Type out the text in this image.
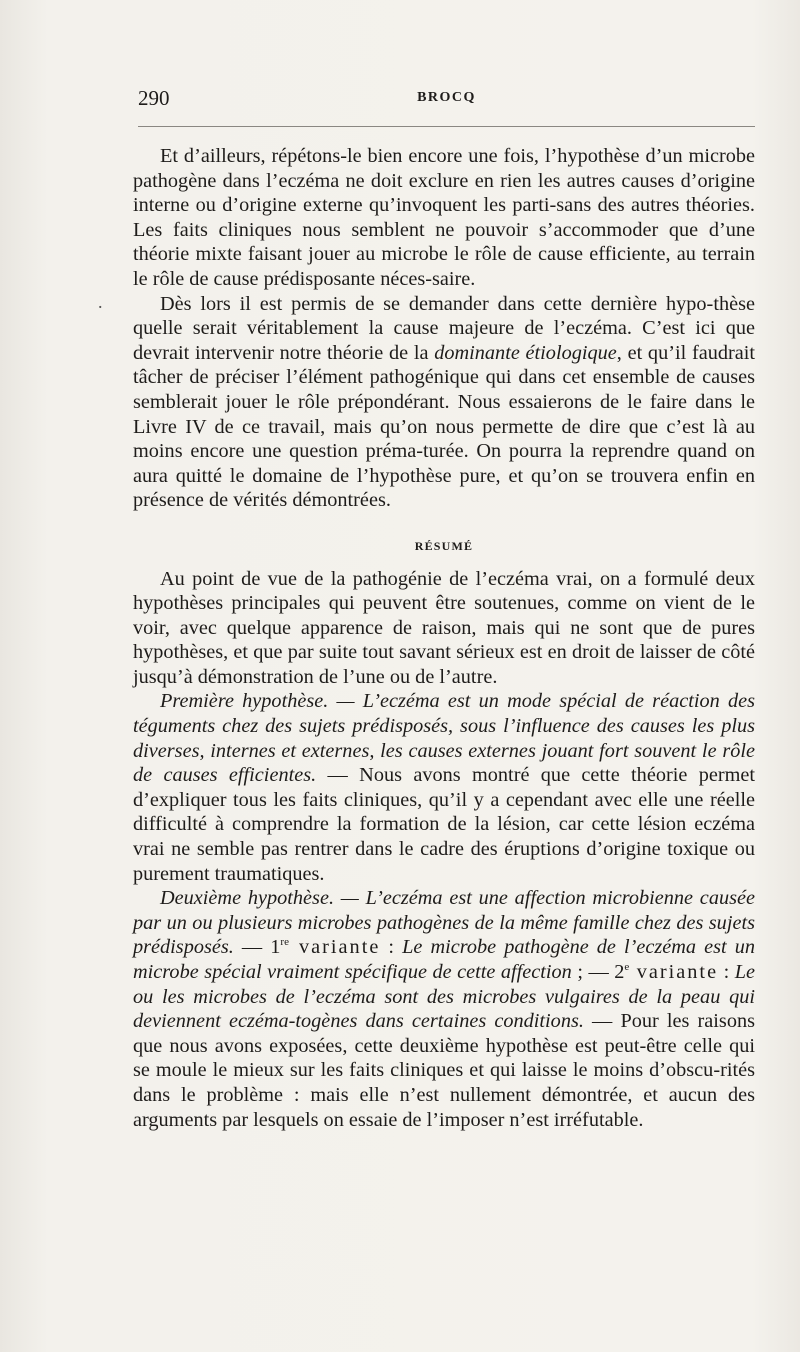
290	BROCQ
.

Et d’ailleurs, répétons-le bien encore une fois, l’hypothèse d’un microbe pathogène dans l’eczéma ne doit exclure en rien les autres causes d’origine interne ou d’origine externe qu’invoquent les parti-sans des autres théories. Les faits cliniques nous semblent ne pouvoir s’accommoder que d’une théorie mixte faisant jouer au microbe le rôle de cause efficiente, au terrain le rôle de cause prédisposante néces-saire.

Dès lors il est permis de se demander dans cette dernière hypo-thèse quelle serait véritablement la cause majeure de l’eczéma. C’est ici que devrait intervenir notre théorie de la dominante étiologique, et qu’il faudrait tâcher de préciser l’élément pathogénique qui dans cet ensemble de causes semblerait jouer le rôle prépondérant. Nous essaierons de le faire dans le Livre IV de ce travail, mais qu’on nous permette de dire que c’est là au moins encore une question préma-turée. On pourra la reprendre quand on aura quitté le domaine de l’hypothèse pure, et qu’on se trouvera enfin en présence de vérités démontrées.

RÉSUMÉ

Au point de vue de la pathogénie de l’eczéma vrai, on a formulé deux hypothèses principales qui peuvent être soutenues, comme on vient de le voir, avec quelque apparence de raison, mais qui ne sont que de pures hypothèses, et que par suite tout savant sérieux est en droit de laisser de côté jusqu’à démonstration de l’une ou de l’autre.

Première hypothèse. — L’eczéma est un mode spécial de réaction des téguments chez des sujets prédisposés, sous l’influence des causes les plus diverses, internes et externes, les causes externes jouant fort souvent le rôle de causes efficientes. — Nous avons montré que cette théorie permet d’expliquer tous les faits cliniques, qu’il y a cependant avec elle une réelle difficulté à comprendre la formation de la lésion, car cette lésion eczéma vrai ne semble pas rentrer dans le cadre des éruptions d’origine toxique ou purement traumatiques.

Deuxième hypothèse. — L’eczéma est une affection microbienne causée par un ou plusieurs microbes pathogènes de la même famille chez des sujets prédisposés. — 1re variante : Le microbe pathogène de l’eczéma est un microbe spécial vraiment spécifique de cette affection ; — 2e variante : Le ou les microbes de l’eczéma sont des microbes vulgaires de la peau qui deviennent eczéma-togènes dans certaines conditions. — Pour les raisons que nous avons exposées, cette deuxième hypothèse est peut-être celle qui se moule le mieux sur les faits cliniques et qui laisse le moins d’obscu-rités dans le problème : mais elle n’est nullement démontrée, et aucun des arguments par lesquels on essaie de l’imposer n’est irréfutable.
